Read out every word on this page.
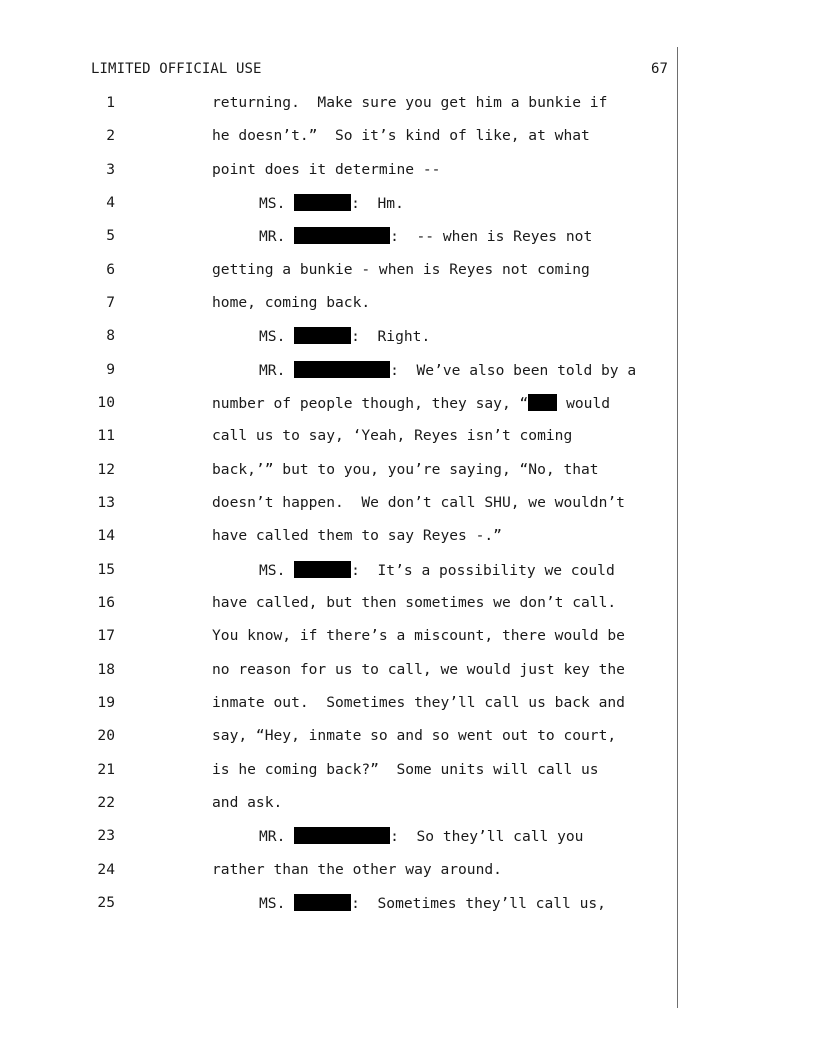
LIMITED OFFICIAL USE	67
1	returning.  Make sure you get him a bunkie if
2	he doesn’t.”  So it’s kind of like, at what
3	point does it determine --
4	MS.	:  Hm.
5	MR.	:  -- when is Reyes not
6	getting a bunkie - when is Reyes not coming
7	home, coming back.
8	MS.	:  Right.
9	MR.	:  We’ve also been told by a
10	number of people though, they say, “ would
11	call us to say, ‘Yeah, Reyes isn’t coming
12	back,’” but to you, you’re saying, “No, that
13	doesn’t happen.  We don’t call SHU, we wouldn’t
14	have called them to say Reyes -.”
15	MS.	:  It’s a possibility we could
16	have called, but then sometimes we don’t call.
17	You know, if there’s a miscount, there would be
18	no reason for us to call, we would just key the
19	inmate out.  Sometimes they’ll call us back and
20	say, “Hey, inmate so and so went out to court,
21	is he coming back?”  Some units will call us
22	and ask.
23	MR.	:  So they’ll call you
24	rather than the other way around.
25	MS.	:  Sometimes they’ll call us,
